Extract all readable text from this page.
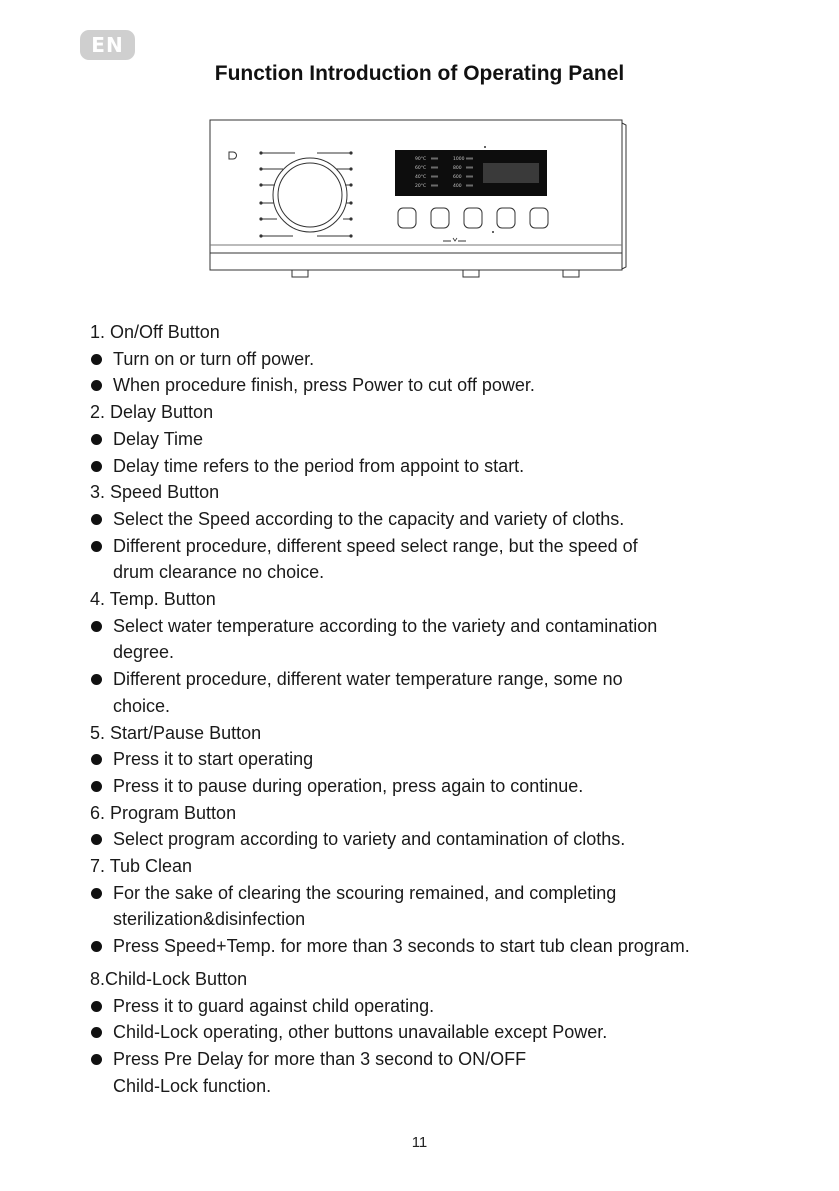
EN
Function Introduction of Operating Panel
90°C
60°C
40°C
20°C
1000
800
600
400
1. On/Off Button
Turn on or turn off power.
When procedure finish, press Power to cut off power.
2. Delay Button
Delay Time
Delay time refers to the period from appoint to start.
3. Speed Button
Select the Speed according to the capacity and variety of cloths.
Different procedure, different speed select range, but the speed of
drum clearance no choice.
4. Temp. Button
Select water temperature according to the variety and contamination
degree.
Different procedure, different water temperature range, some no
choice.
5. Start/Pause Button
Press it to start operating
Press it to pause during operation, press again to continue.
6. Program Button
Select program according to variety and contamination of cloths.
7. Tub Clean
For the sake of clearing the scouring remained, and completing
sterilization&disinfection
Press Speed+Temp. for more than 3 seconds to start tub clean program.
8.Child-Lock Button
Press it to guard against child operating.
Child-Lock operating, other buttons unavailable except Power.
Press Pre Delay for more than 3 second to ON/OFF
Child-Lock function.
11
